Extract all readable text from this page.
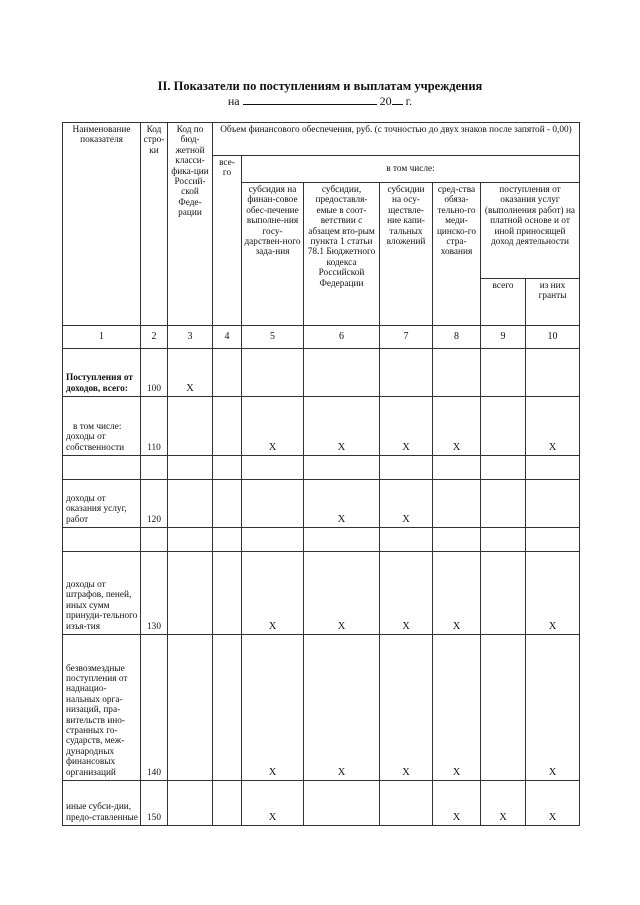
II. Показатели по поступлениям и выплатам учреждения
на	20 г.
Наименование показателя	Код стро-ки	Код по бюд-жетной класси-фика-ции Россий-ской Феде-рации	Объем финансового обеспечения, руб. (с точностью до двух знаков после запятой - 0,00)						
			все-го	в том числе:					
				субсидия на финан-совое обес-печение выполне-ния госу-дарствен-ного зада-ния	субсидии, предоставля-емые в соот-ветствии с абзацем вто-рым пункта 1 статьи 78.1 Бюджетного кодекса Российской Федерации	субсидии на осу-ществле-ние капи-тальных вложений	сред-ства обяза-тельно-го меди-цинско-го стра-хования	поступления от оказания услуг (выполнения работ) на платной основе и от иной приносящей доход деятельности	
								всего	из них гранты
1	2	3	4	5	6	7	8	9	10
Поступления от доходов, всего:	100	X							

в том числе:
доходы от собственности	110			X	X	X	X		X

доходы от оказания услуг, работ	120				X	X			

доходы от штрафов, пеней, иных сумм принуди-тельного изъя-тия	130			X	X	X	X		X
безвозмездные поступления от наднацио-нальных орга-низаций, пра-вительств ино-странных го-сударств, меж-дународных финансовых организаций	140			X	X	X	X		X
иные субси-дии, предо-ставленные	150			X			X	X	X
